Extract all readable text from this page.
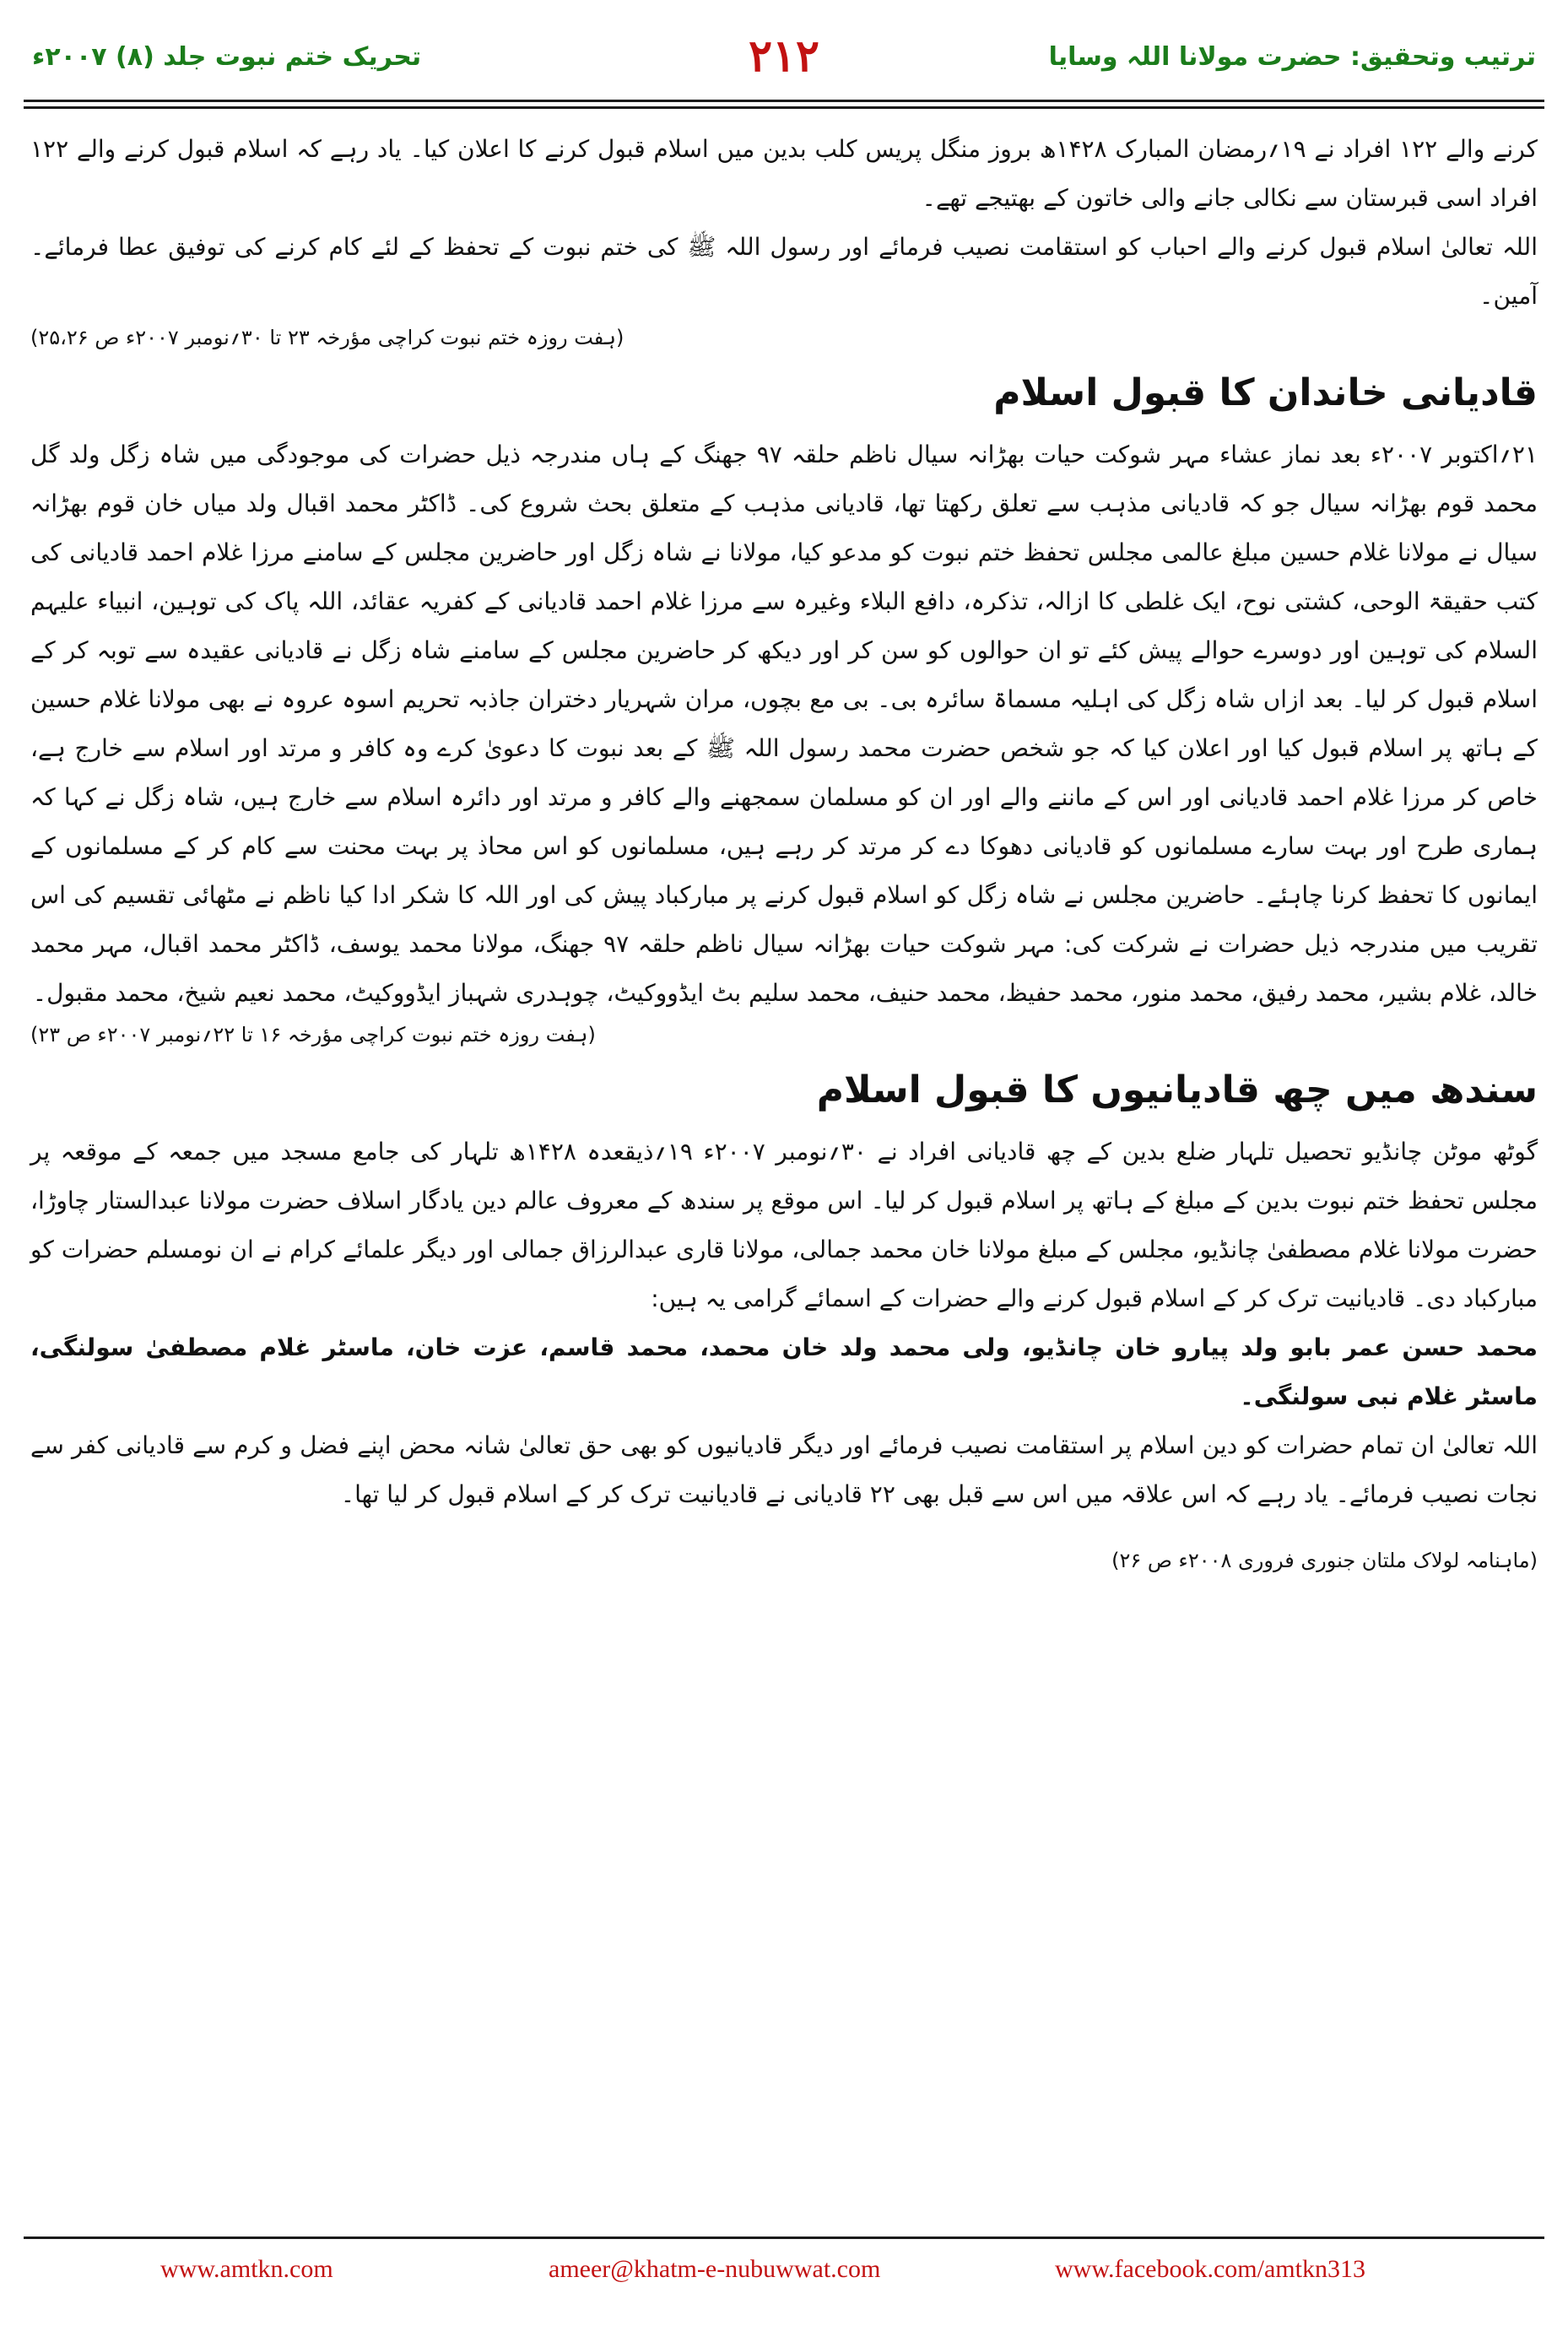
تحریک ختم نبوت جلد (۸) ۲۰۰۷ء	۲۱۲	ترتیب وتحقیق: حضرت مولانا اللہ وسایا

کرنے والے ۱۲۲ افراد نے ۱۹؍رمضان المبارک ۱۴۲۸ھ بروز منگل پریس کلب بدین میں اسلام قبول کرنے کا اعلان کیا۔ یاد رہے کہ اسلام قبول کرنے والے ۱۲۲ افراد اسی قبرستان سے نکالی جانے والی خاتون کے بھتیجے تھے۔

اللہ تعالیٰ اسلام قبول کرنے والے احباب کو استقامت نصیب فرمائے اور رسول اللہ ﷺ کی ختم نبوت کے تحفظ کے لئے کام کرنے کی توفیق عطا فرمائے۔ آمین۔

(ہفت روزہ ختم نبوت کراچی مؤرخہ ۲۳ تا ۳۰؍نومبر ۲۰۰۷ء ص ۲۵،۲۶)

قادیانی خاندان کا قبول اسلام

۲۱؍اکتوبر ۲۰۰۷ء بعد نماز عشاء مہر شوکت حیات بھڑانہ سیال ناظم حلقہ ۹۷ جھنگ کے ہاں مندرجہ ذیل حضرات کی موجودگی میں شاہ زگل ولد گل محمد قوم بھڑانہ سیال جو کہ قادیانی مذہب سے تعلق رکھتا تھا، قادیانی مذہب کے متعلق بحث شروع کی۔ ڈاکٹر محمد اقبال ولد میاں خان قوم بھڑانہ سیال نے مولانا غلام حسین مبلغ عالمی مجلس تحفظ ختم نبوت کو مدعو کیا، مولانا نے شاہ زگل اور حاضرین مجلس کے سامنے مرزا غلام احمد قادیانی کی کتب حقیقۃ الوحی، کشتی نوح، ایک غلطی کا ازالہ، تذکرہ، دافع البلاء وغیرہ سے مرزا غلام احمد قادیانی کے کفریہ عقائد، اللہ پاک کی توہین، انبیاء علیہم السلام کی توہین اور دوسرے حوالے پیش کئے تو ان حوالوں کو سن کر اور دیکھ کر حاضرین مجلس کے سامنے شاہ زگل نے قادیانی عقیدہ سے توبہ کر کے اسلام قبول کر لیا۔ بعد ازاں شاہ زگل کی اہلیہ مسماۃ سائرہ بی۔ بی مع بچوں، مران شہریار دختران جاذبہ تحریم اسوہ عروہ نے بھی مولانا غلام حسین کے ہاتھ پر اسلام قبول کیا اور اعلان کیا کہ جو شخص حضرت محمد رسول اللہ ﷺ کے بعد نبوت کا دعویٰ کرے وہ کافر و مرتد اور اسلام سے خارج ہے، خاص کر مرزا غلام احمد قادیانی اور اس کے ماننے والے اور ان کو مسلمان سمجھنے والے کافر و مرتد اور دائرہ اسلام سے خارج ہیں، شاہ زگل نے کہا کہ ہماری طرح اور بہت سارے مسلمانوں کو قادیانی دھوکا دے کر مرتد کر رہے ہیں، مسلمانوں کو اس محاذ پر بہت محنت سے کام کر کے مسلمانوں کے ایمانوں کا تحفظ کرنا چاہئے۔ حاضرین مجلس نے شاہ زگل کو اسلام قبول کرنے پر مبارکباد پیش کی اور اللہ کا شکر ادا کیا ناظم نے مٹھائی تقسیم کی اس تقریب میں مندرجہ ذیل حضرات نے شرکت کی: مہر شوکت حیات بھڑانہ سیال ناظم حلقہ ۹۷ جھنگ، مولانا محمد یوسف، ڈاکٹر محمد اقبال، مہر محمد خالد، غلام بشیر، محمد رفیق، محمد منور، محمد حفیظ، محمد حنیف، محمد سلیم بٹ ایڈووکیٹ، چوہدری شہباز ایڈووکیٹ، محمد نعیم شیخ، محمد مقبول۔

(ہفت روزہ ختم نبوت کراچی مؤرخہ ۱۶ تا ۲۲؍نومبر ۲۰۰۷ء ص ۲۳)

سندھ میں چھ قادیانیوں کا قبول اسلام

گوٹھ موٹن چانڈیو تحصیل تلہار ضلع بدین کے چھ قادیانی افراد نے ۳۰؍نومبر ۲۰۰۷ء ۱۹؍ذیقعدہ ۱۴۲۸ھ تلہار کی جامع مسجد میں جمعہ کے موقعہ پر مجلس تحفظ ختم نبوت بدین کے مبلغ کے ہاتھ پر اسلام قبول کر لیا۔ اس موقع پر سندھ کے معروف عالم دین یادگار اسلاف حضرت مولانا عبدالستار چاوڑا، حضرت مولانا غلام مصطفیٰ چانڈیو، مجلس کے مبلغ مولانا خان محمد جمالی، مولانا قاری عبدالرزاق جمالی اور دیگر علمائے کرام نے ان نومسلم حضرات کو مبارکباد دی۔ قادیانیت ترک کر کے اسلام قبول کرنے والے حضرات کے اسمائے گرامی یہ ہیں:

محمد حسن عمر بابو ولد پیارو خان چانڈیو، ولی محمد ولد خان محمد، محمد قاسم، عزت خان، ماسٹر غلام مصطفیٰ سولنگی، ماسٹر غلام نبی سولنگی۔

اللہ تعالیٰ ان تمام حضرات کو دین اسلام پر استقامت نصیب فرمائے اور دیگر قادیانیوں کو بھی حق تعالیٰ شانہ محض اپنے فضل و کرم سے قادیانی کفر سے نجات نصیب فرمائے۔ یاد رہے کہ اس علاقہ میں اس سے قبل بھی ۲۲ قادیانی نے قادیانیت ترک کر کے اسلام قبول کر لیا تھا۔

(ماہنامہ لولاک ملتان جنوری فروری ۲۰۰۸ء ص ۲۶)

www.amtkn.com	ameer@khatm-e-nubuwwat.com	www.facebook.com/amtkn313
